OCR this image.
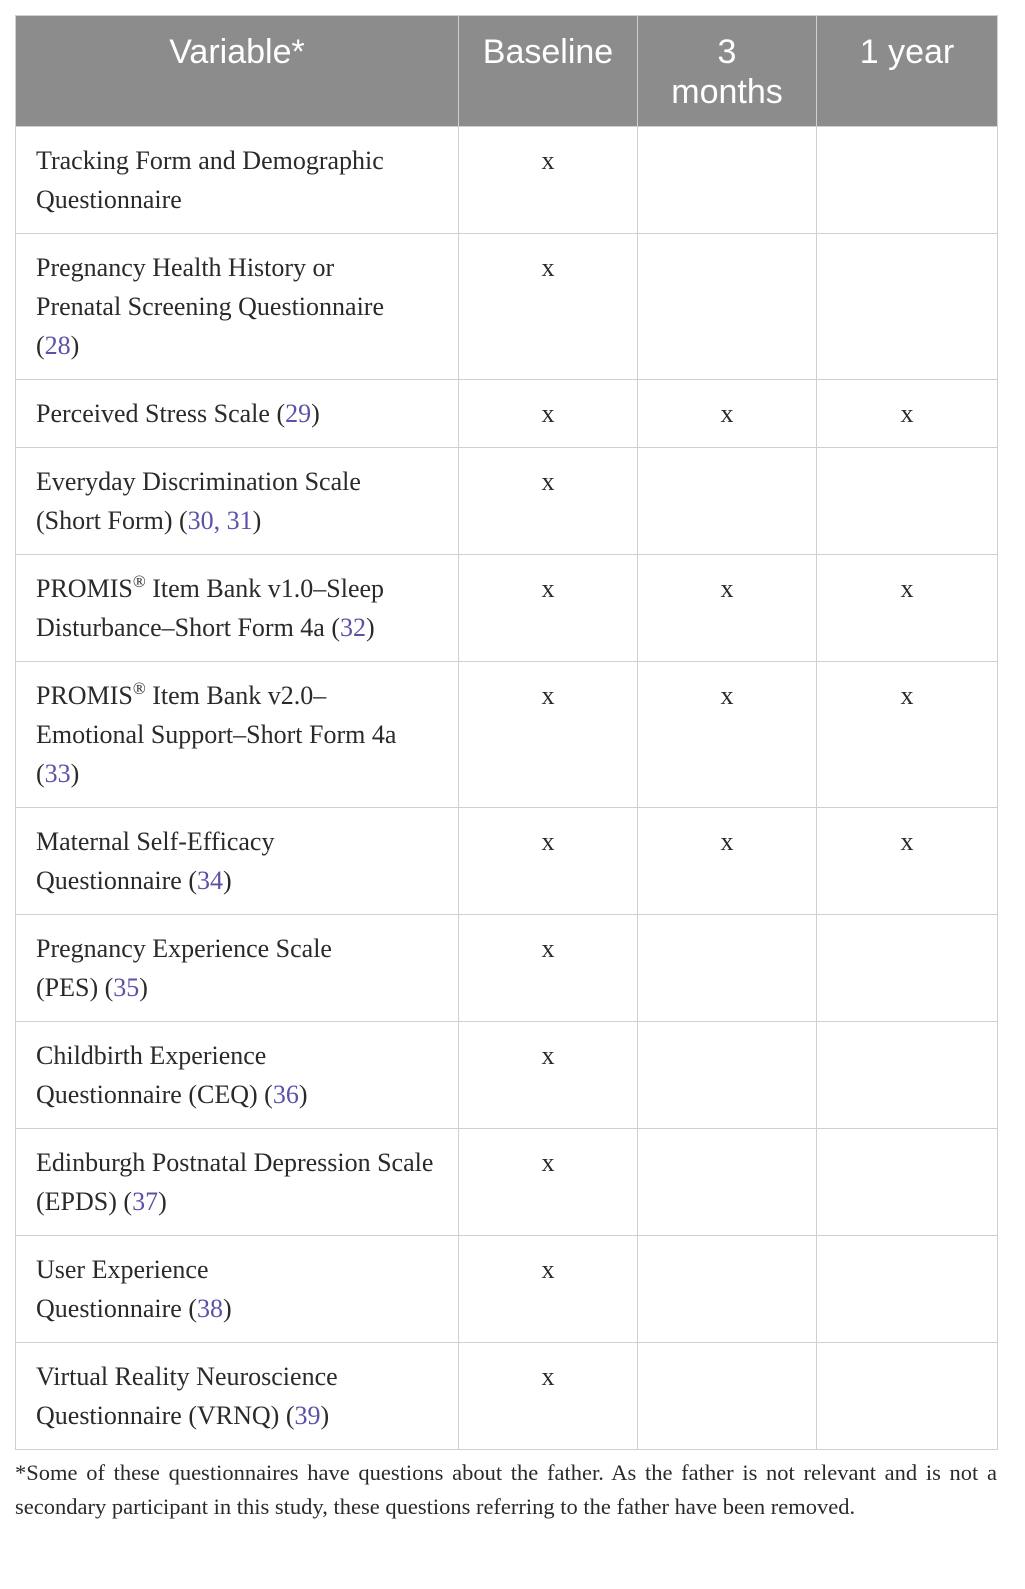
Variable*	Baseline	3 months	1 year
Tracking Form and Demographic Questionnaire	x		
Pregnancy Health History or Prenatal Screening Questionnaire (28)	x		
Perceived Stress Scale (29)	x	x	x
Everyday Discrimination Scale (Short Form) (30, 31)	x		
PROMIS® Item Bank v1.0–Sleep Disturbance–Short Form 4a (32)	x	x	x
PROMIS® Item Bank v2.0–Emotional Support–Short Form 4a (33)	x	x	x
Maternal Self-Efficacy Questionnaire (34)	x	x	x
Pregnancy Experience Scale (PES) (35)	x		
Childbirth Experience Questionnaire (CEQ) (36)	x		
Edinburgh Postnatal Depression Scale (EPDS) (37)	x		
User Experience Questionnaire (38)	x		
Virtual Reality Neuroscience Questionnaire (VRNQ) (39)	x		
*Some of these questionnaires have questions about the father. As the father is not relevant and is not a secondary participant in this study, these questions referring to the father have been removed.
